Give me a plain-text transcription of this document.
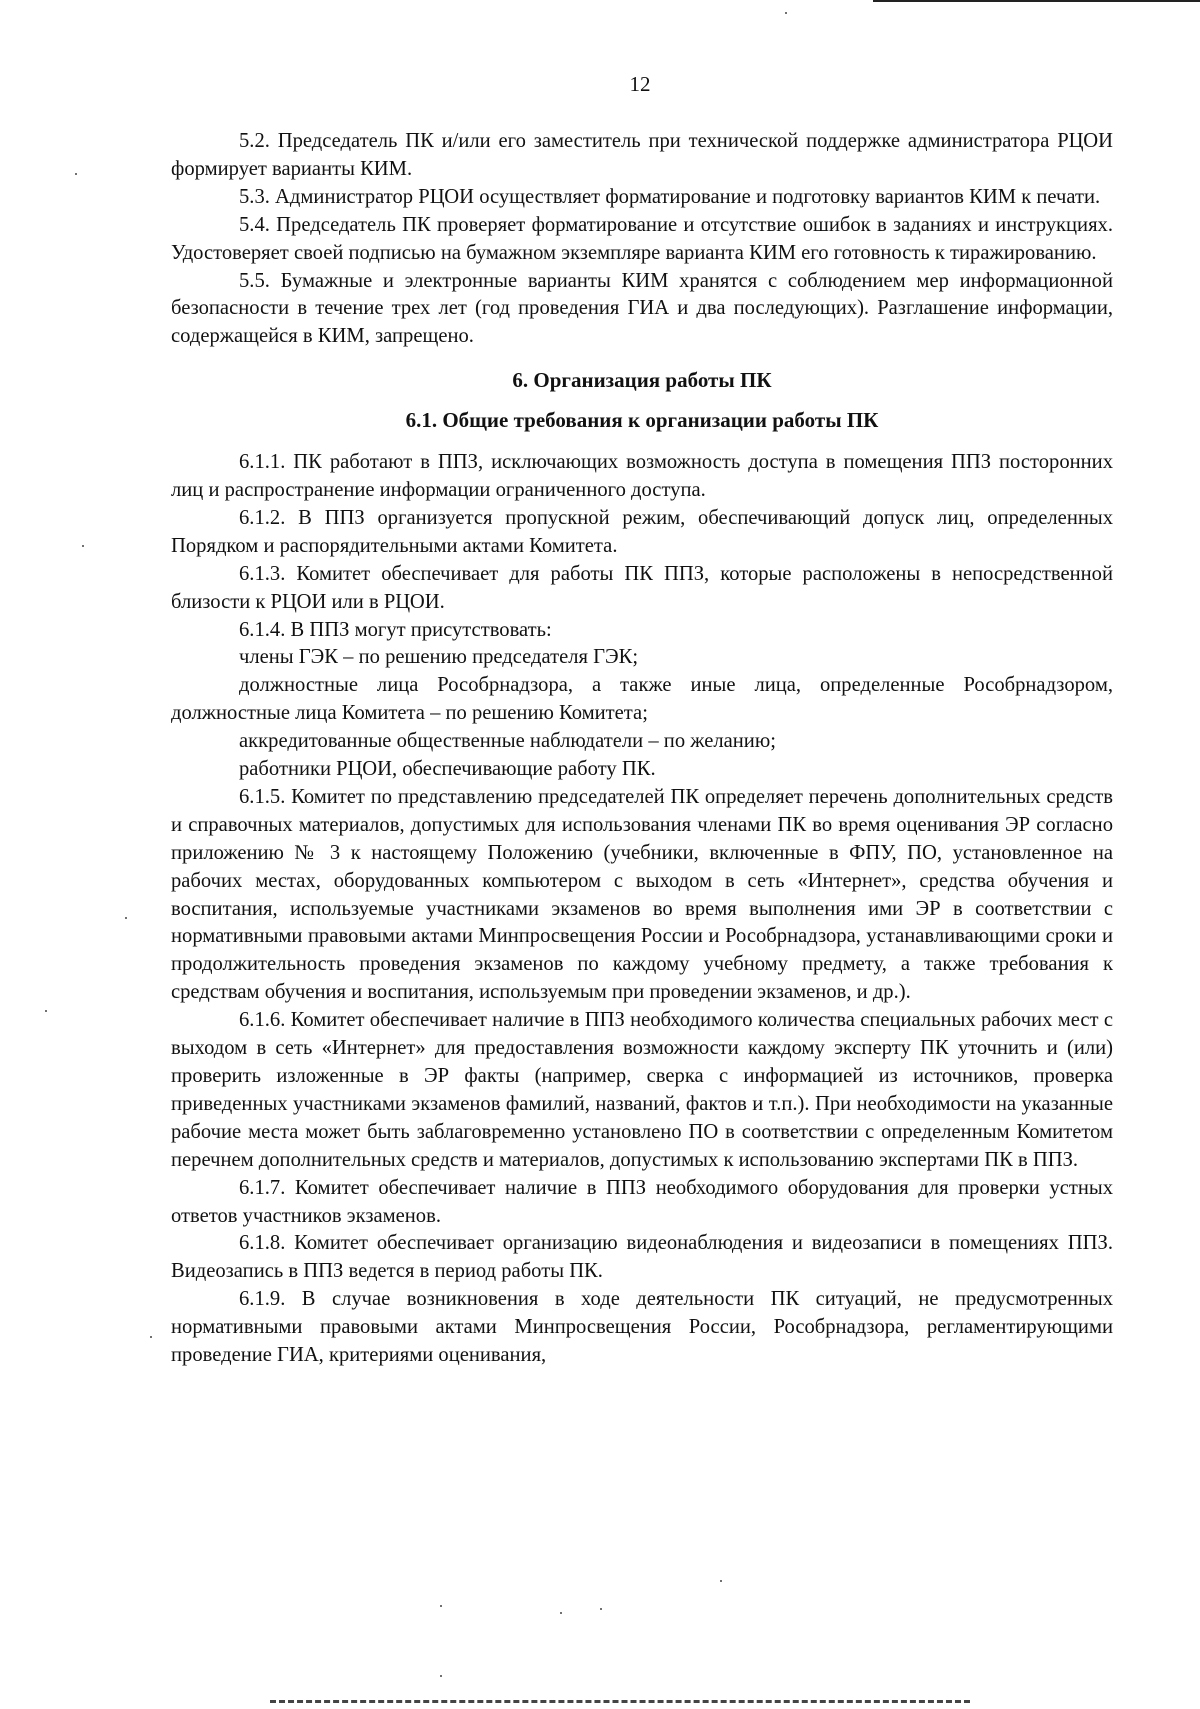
12

5.2. Председатель ПК и/или его заместитель при технической поддержке администратора РЦОИ формирует варианты КИМ.

5.3. Администратор РЦОИ осуществляет форматирование и подготовку вариантов КИМ к печати.

5.4. Председатель ПК проверяет форматирование и отсутствие ошибок в заданиях и инструкциях. Удостоверяет своей подписью на бумажном экземпляре варианта КИМ его готовность к тиражированию.

5.5. Бумажные и электронные варианты КИМ хранятся с соблюдением мер информационной безопасности в течение трех лет (год проведения ГИА и два последующих). Разглашение информации, содержащейся в КИМ, запрещено.

6. Организация работы ПК

6.1. Общие требования к организации работы ПК

6.1.1. ПК работают в ППЗ, исключающих возможность доступа в помещения ППЗ посторонних лиц и распространение информации ограниченного доступа.

6.1.2. В ППЗ организуется пропускной режим, обеспечивающий допуск лиц, определенных Порядком и распорядительными актами Комитета.

6.1.3. Комитет обеспечивает для работы ПК ППЗ, которые расположены в непосредственной близости к РЦОИ или в РЦОИ.

6.1.4. В ППЗ могут присутствовать:

члены ГЭК – по решению председателя ГЭК;

должностные лица Рособрнадзора, а также иные лица, определенные Рособрнадзором, должностные лица Комитета – по решению Комитета;

аккредитованные общественные наблюдатели – по желанию;

работники РЦОИ, обеспечивающие работу ПК.

6.1.5. Комитет по представлению председателей ПК определяет перечень дополнительных средств и справочных материалов, допустимых для использования членами ПК во время оценивания ЭР согласно приложению № 3 к настоящему Положению (учебники, включенные в ФПУ, ПО, установленное на рабочих местах, оборудованных компьютером с выходом в сеть «Интернет», средства обучения и воспитания, используемые участниками экзаменов во время выполнения ими ЭР в соответствии с нормативными правовыми актами Минпросвещения России и Рособрнадзора, устанавливающими сроки и продолжительность проведения экзаменов по каждому учебному предмету, а также требования к средствам обучения и воспитания, используемым при проведении экзаменов, и др.).

6.1.6. Комитет обеспечивает наличие в ППЗ необходимого количества специальных рабочих мест с выходом в сеть «Интернет» для предоставления возможности каждому эксперту ПК уточнить и (или) проверить изложенные в ЭР факты (например, сверка с информацией из источников, проверка приведенных участниками экзаменов фамилий, названий, фактов и т.п.). При необходимости на указанные рабочие места может быть заблаговременно установлено ПО в соответствии с определенным Комитетом перечнем дополнительных средств и материалов, допустимых к использованию экспертами ПК в ППЗ.

6.1.7. Комитет обеспечивает наличие в ППЗ необходимого оборудования для проверки устных ответов участников экзаменов.

6.1.8. Комитет обеспечивает организацию видеонаблюдения и видеозаписи в помещениях ППЗ. Видеозапись в ППЗ ведется в период работы ПК.

6.1.9. В случае возникновения в ходе деятельности ПК ситуаций, не предусмотренных нормативными правовыми актами Минпросвещения России, Рособрнадзора, регламентирующими проведение ГИА, критериями оценивания,
